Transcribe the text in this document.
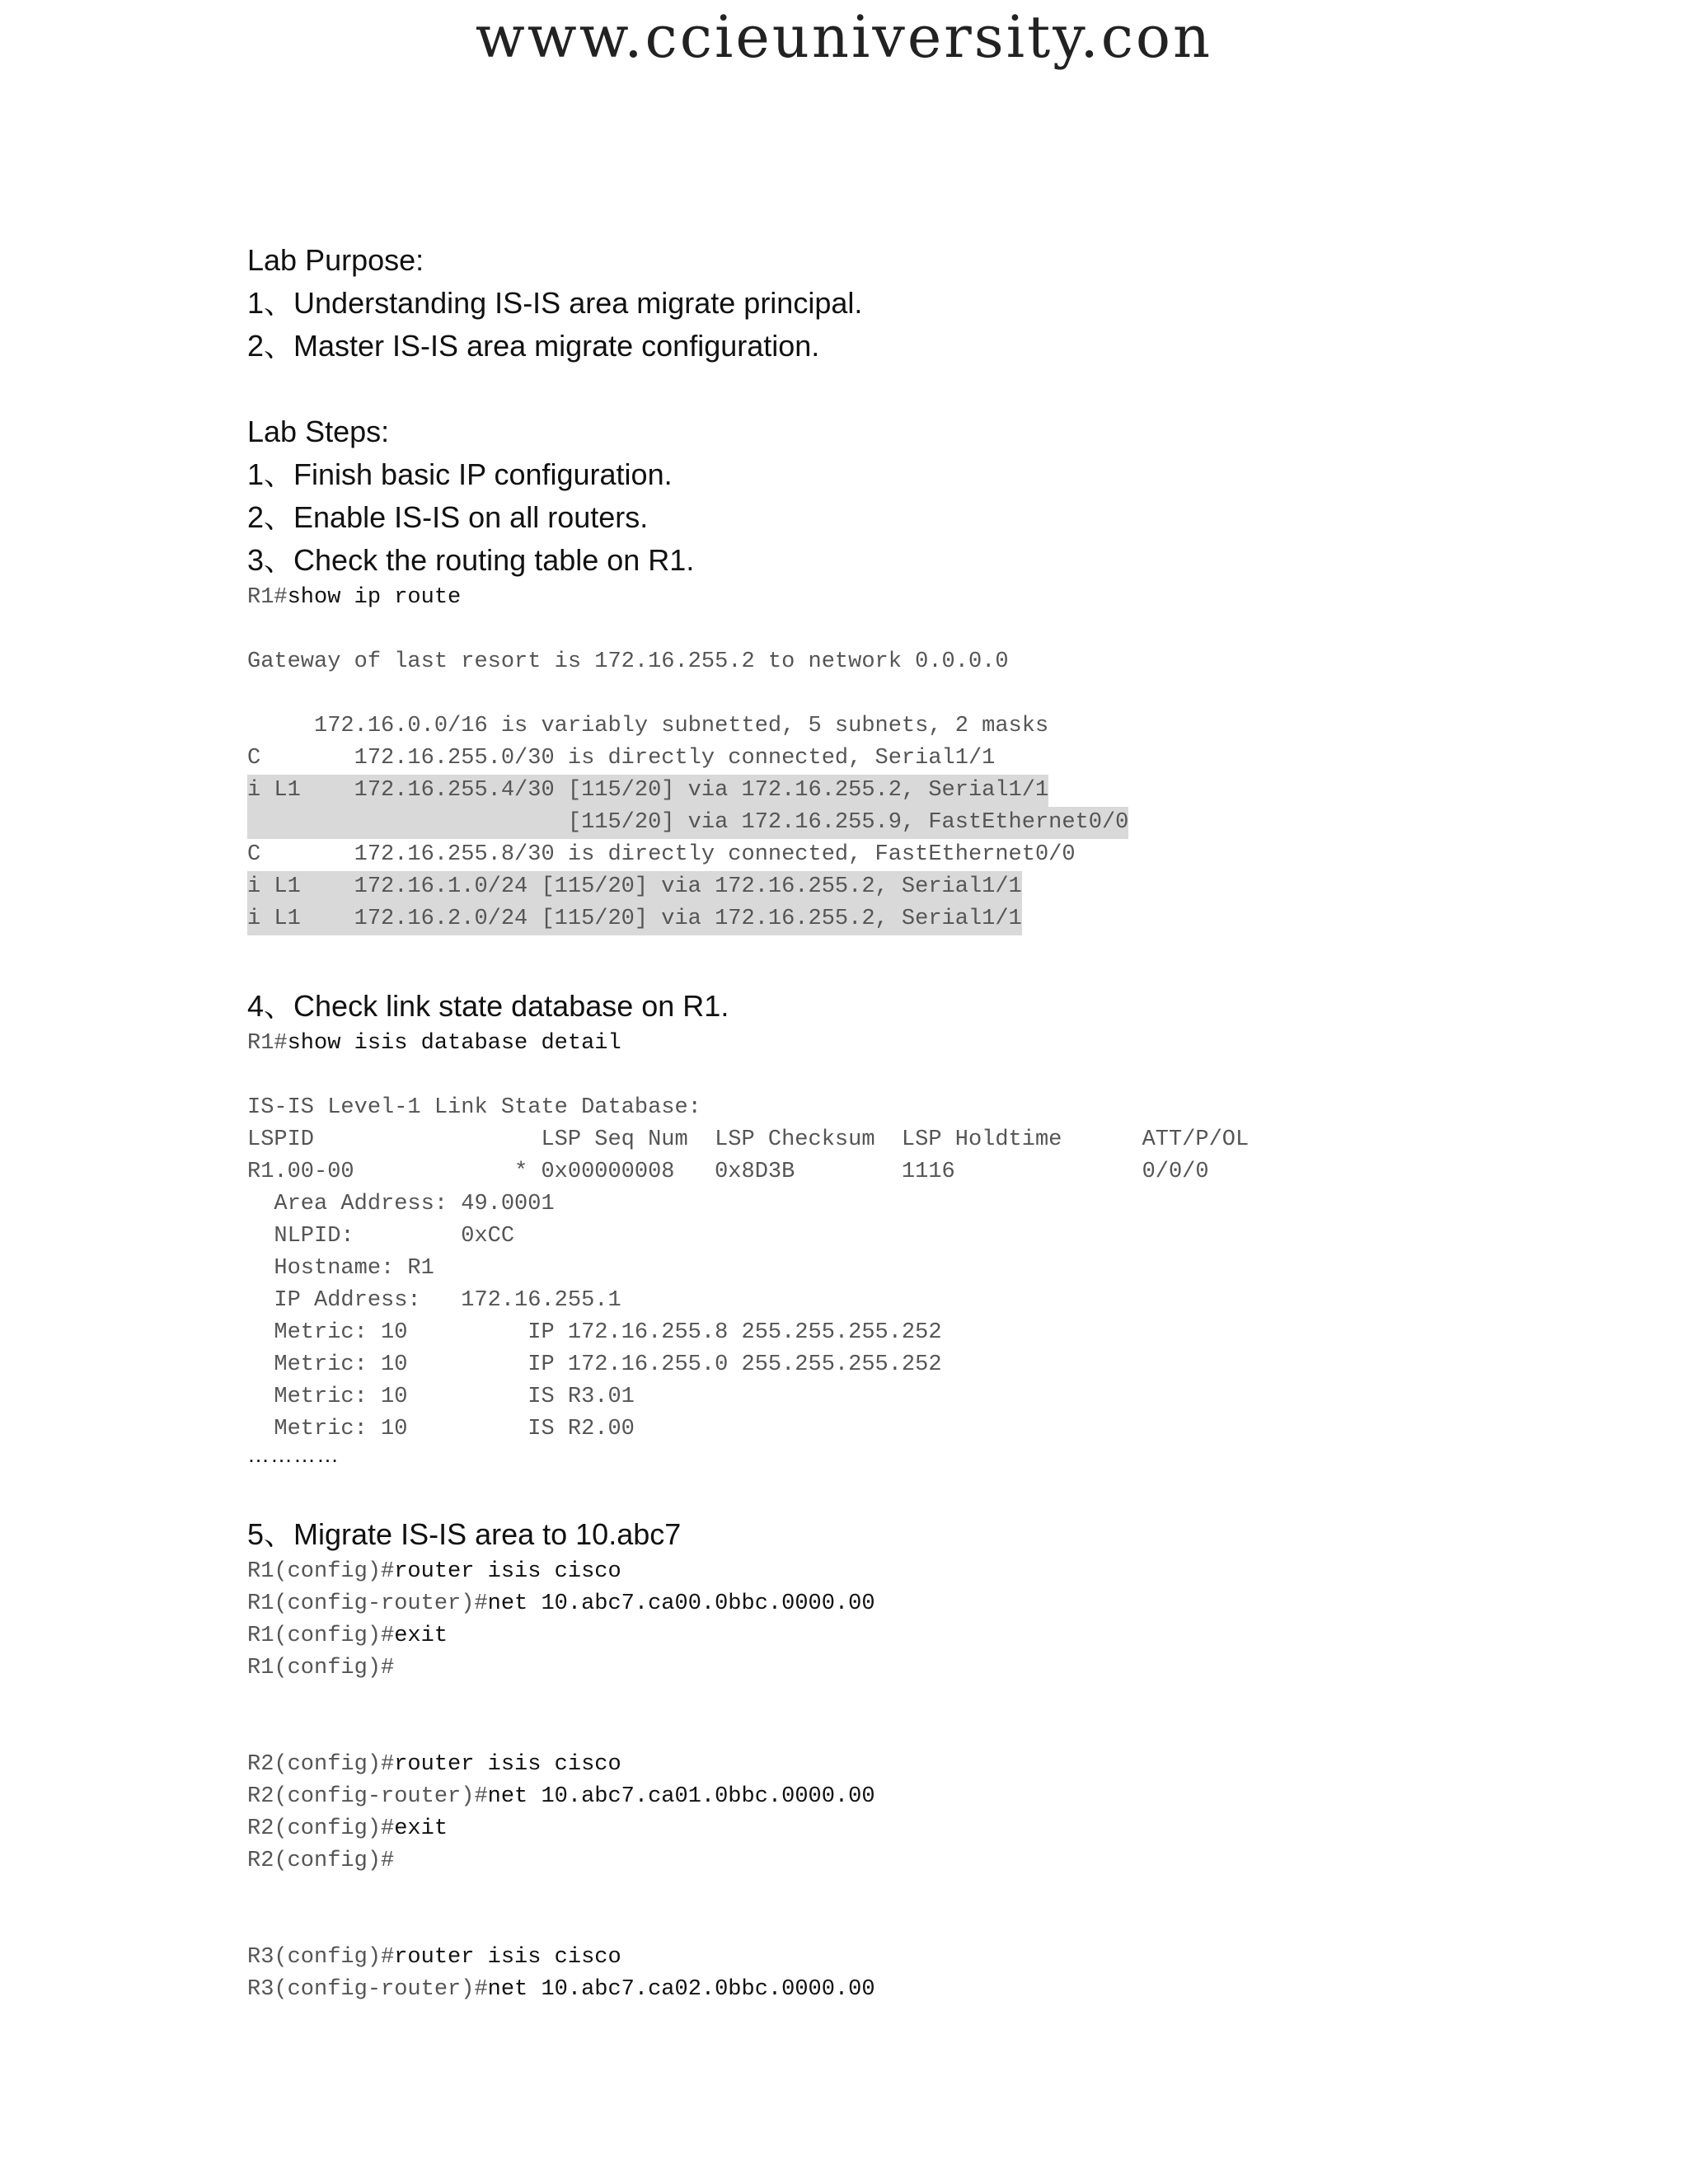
www.ccieuniversity.con
Lab Purpose:
1、Understanding IS-IS area migrate principal.
2、Master IS-IS area migrate configuration.
Lab Steps:
1、Finish basic IP configuration.
2、Enable IS-IS on all routers.
3、Check the routing table on R1.
R1#show ip route
Gateway of last resort is 172.16.255.2 to network 0.0.0.0
172.16.0.0/16 is variably subnetted, 5 subnets, 2 masks
C       172.16.255.0/30 is directly connected, Serial1/1
i L1    172.16.255.4/30 [115/20] via 172.16.255.2, Serial1/1
[115/20] via 172.16.255.9, FastEthernet0/0
C       172.16.255.8/30 is directly connected, FastEthernet0/0
i L1    172.16.1.0/24 [115/20] via 172.16.255.2, Serial1/1
i L1    172.16.2.0/24 [115/20] via 172.16.255.2, Serial1/1
4、Check link state database on R1.
R1#show isis database detail
IS-IS Level-1 Link State Database:
LSPID                 LSP Seq Num  LSP Checksum  LSP Holdtime      ATT/P/OL
R1.00-00            * 0x00000008   0x8D3B        1116              0/0/0
Area Address: 49.0001
NLPID:        0xCC
Hostname: R1
IP Address:   172.16.255.1
Metric: 10         IP 172.16.255.8 255.255.255.252
Metric: 10         IP 172.16.255.0 255.255.255.252
Metric: 10         IS R3.01
Metric: 10         IS R2.00
…………
5、Migrate IS-IS area to 10.abc7
R1(config)#router isis cisco
R1(config-router)#net 10.abc7.ca00.0bbc.0000.00
R1(config)#exit
R1(config)#
R2(config)#router isis cisco
R2(config-router)#net 10.abc7.ca01.0bbc.0000.00
R2(config)#exit
R2(config)#
R3(config)#router isis cisco
R3(config-router)#net 10.abc7.ca02.0bbc.0000.00
